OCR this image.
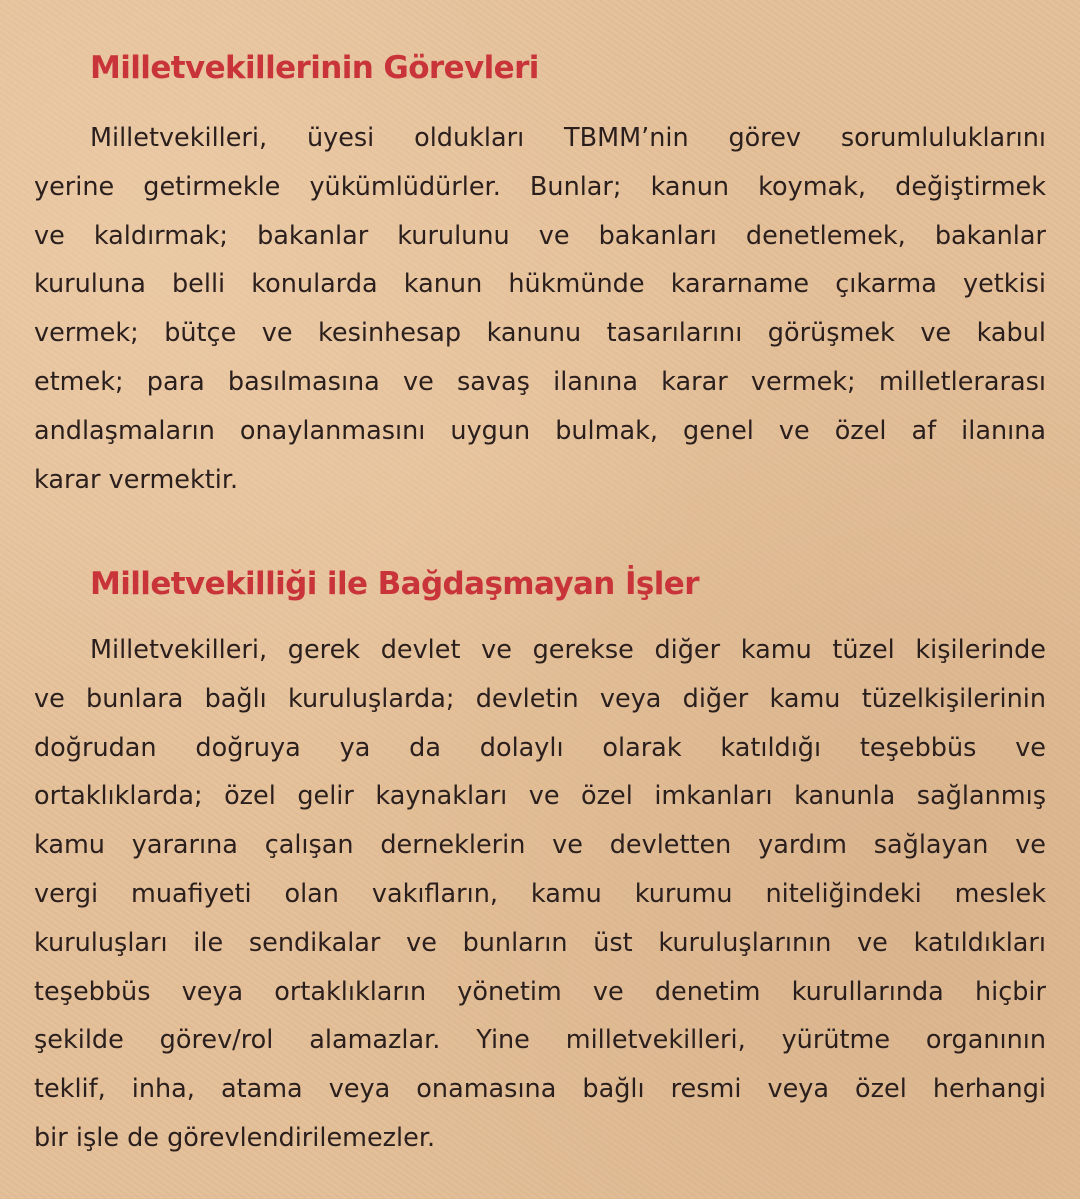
Milletvekillerinin Görevleri

Milletvekilleri, üyesi oldukları TBMM’nin görev sorumluluklarını
yerine getirmekle yükümlüdürler. Bunlar; kanun koymak, değiştirmek
ve kaldırmak; bakanlar kurulunu ve bakanları denetlemek, bakanlar
kuruluna belli konularda kanun hükmünde kararname çıkarma yetkisi
vermek; bütçe ve kesinhesap kanunu tasarılarını görüşmek ve kabul
etmek; para basılmasına ve savaş ilanına karar vermek; milletlerarası
andlaşmaların onaylanmasını uygun bulmak, genel ve özel af ilanına
karar vermektir.

Milletvekilliği ile Bağdaşmayan İşler

Milletvekilleri, gerek devlet ve gerekse diğer kamu tüzel kişilerinde
ve bunlara bağlı kuruluşlarda; devletin veya diğer kamu tüzelkişilerinin
doğrudan doğruya ya da dolaylı olarak katıldığı teşebbüs ve
ortaklıklarda; özel gelir kaynakları ve özel imkanları kanunla sağlanmış
kamu yararına çalışan derneklerin ve devletten yardım sağlayan ve
vergi muafiyeti olan vakıfların, kamu kurumu niteliğindeki meslek
kuruluşları ile sendikalar ve bunların üst kuruluşlarının ve katıldıkları
teşebbüs veya ortaklıkların yönetim ve denetim kurullarında hiçbir
şekilde görev/rol alamazlar. Yine milletvekilleri, yürütme organının
teklif, inha, atama veya onamasına bağlı resmi veya özel herhangi
bir işle de görevlendirilemezler.
